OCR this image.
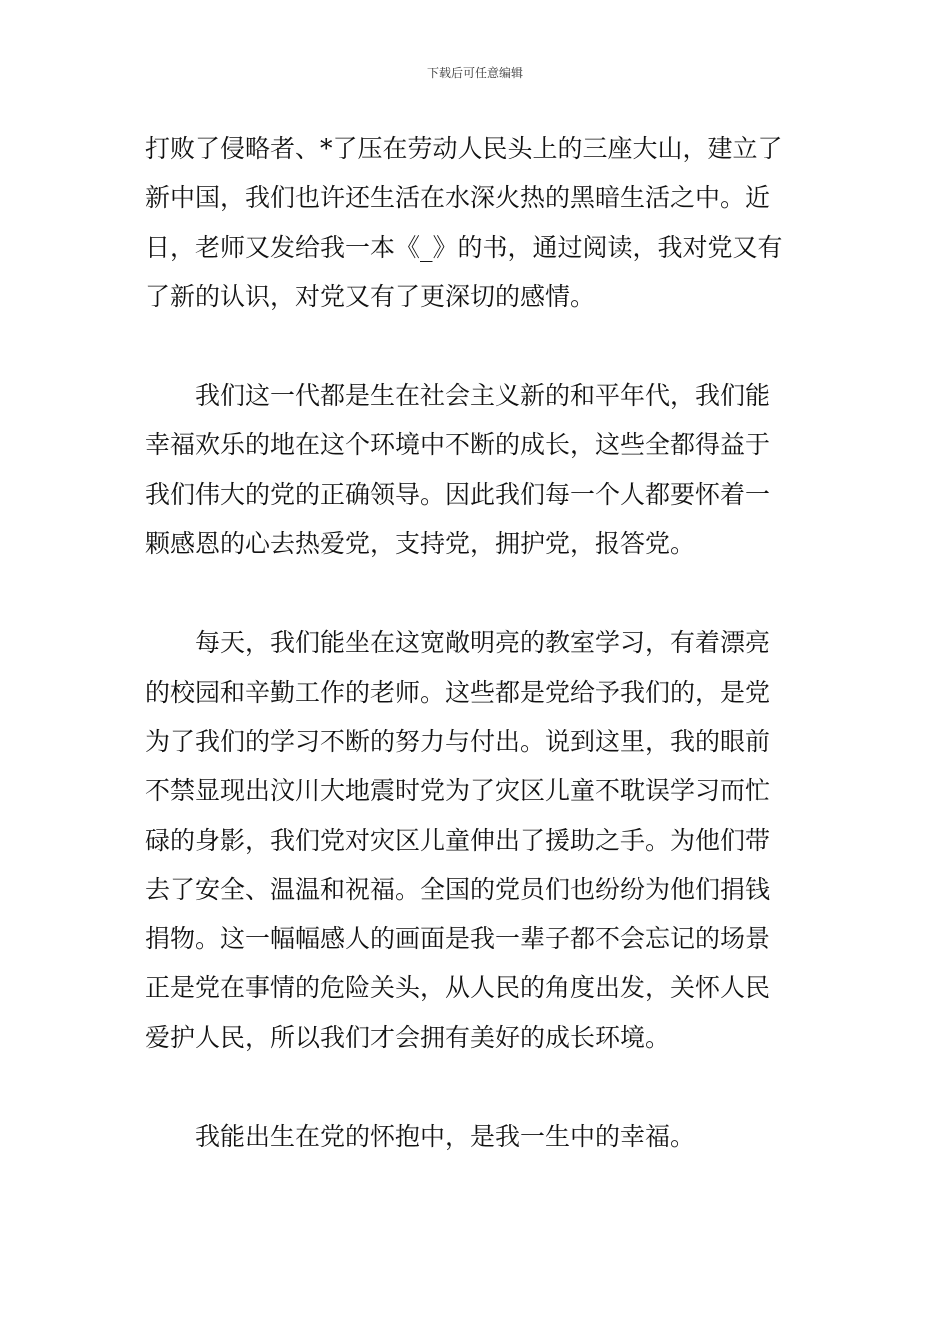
下载后可任意编辑
打败了侵略者、*了压在劳动人民头上的三座大山，建立了
新中国，我们也许还生活在水深火热的黑暗生活之中。近
日，老师又发给我一本《_》的书，通过阅读，我对党又有
了新的认识，对党又有了更深切的感情。
我们这一代都是生在社会主义新的和平年代，我们能
幸福欢乐的地在这个环境中不断的成长，这些全都得益于
我们伟大的党的正确领导。因此我们每一个人都要怀着一
颗感恩的心去热爱党，支持党，拥护党，报答党。
每天，我们能坐在这宽敞明亮的教室学习，有着漂亮
的校园和辛勤工作的老师。这些都是党给予我们的，是党
为了我们的学习不断的努力与付出。说到这里，我的眼前
不禁显现出汶川大地震时党为了灾区儿童不耽误学习而忙
碌的身影，我们党对灾区儿童伸出了援助之手。为他们带
去了安全、温温和祝福。全国的党员们也纷纷为他们捐钱
捐物。这一幅幅感人的画面是我一辈子都不会忘记的场景
正是党在事情的危险关头，从人民的角度出发，关怀人民
爱护人民，所以我们才会拥有美好的成长环境。
我能出生在党的怀抱中，是我一生中的幸福。
